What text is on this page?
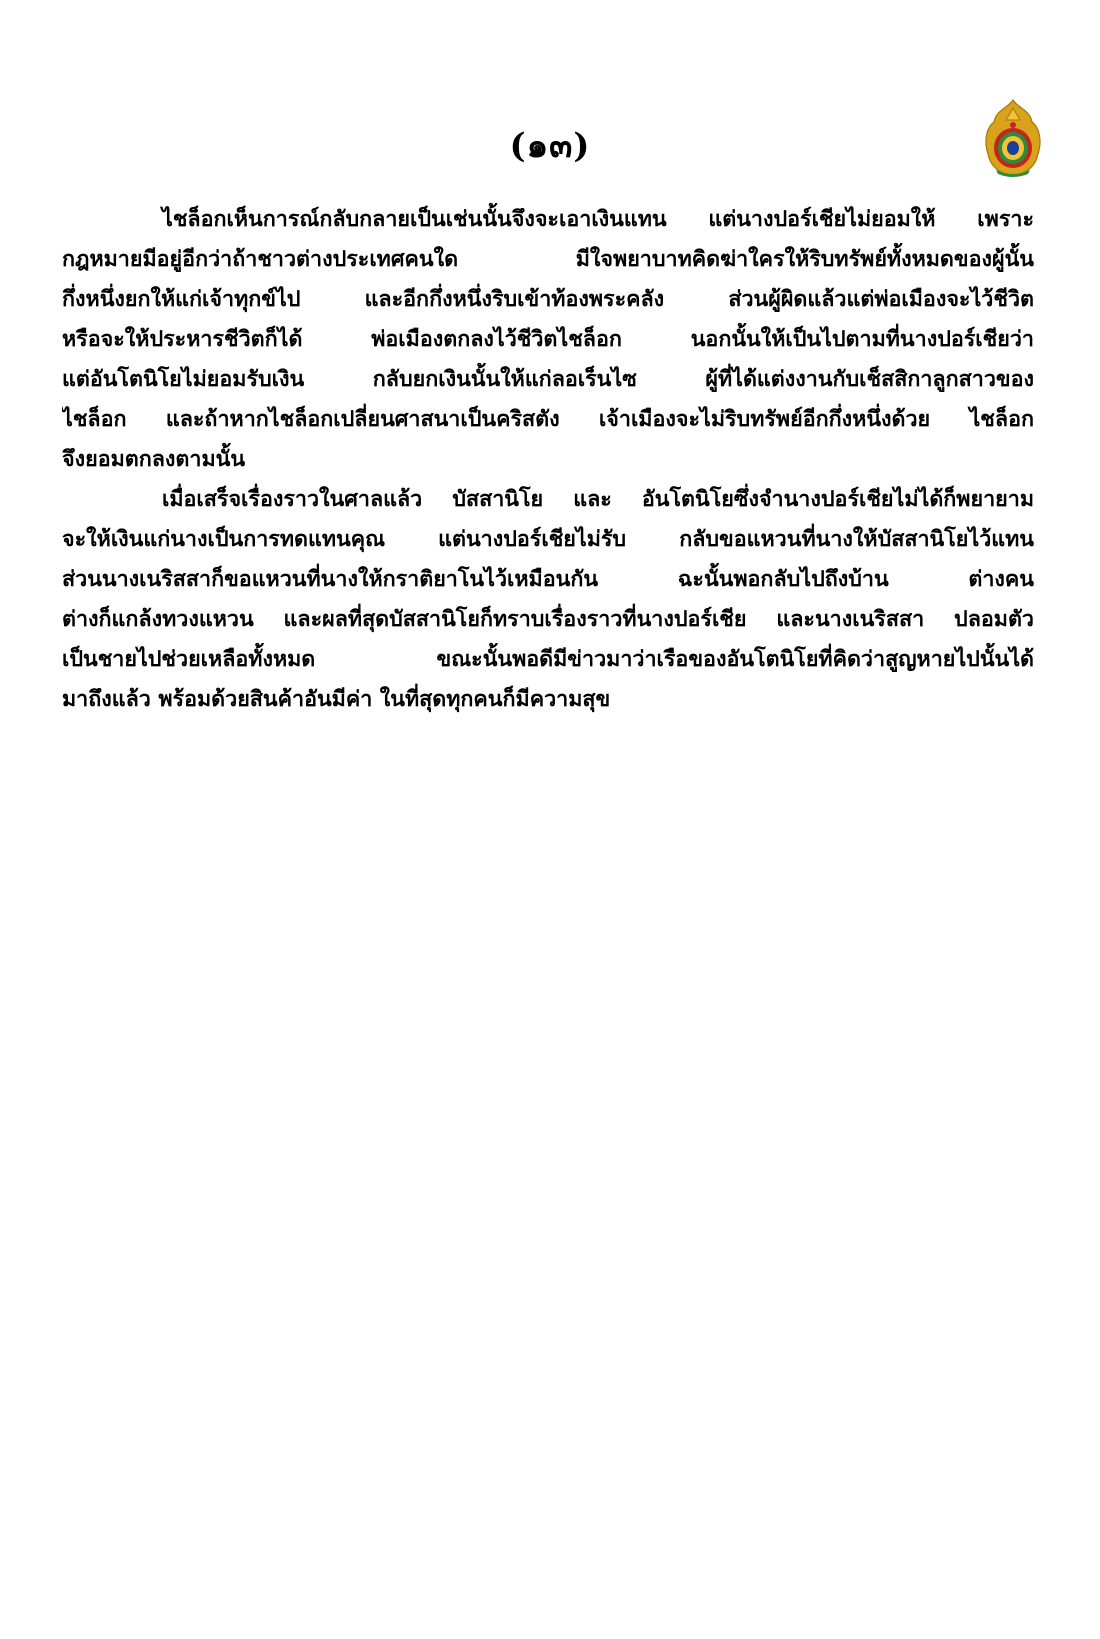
(๑๓)
ไชล็อกเห็นการณ์กลับกลายเป็นเช่นนั้นจึงจะเอาเงินแทน แต่นางปอร์เชียไม่ยอมให้ เพราะ
กฎหมายมีอยู่อีกว่าถ้าชาวต่างประเทศคนใด มีใจพยาบาทคิดฆ่าใครให้ริบทรัพย์ทั้งหมดของผู้นั้น
กึ่งหนึ่งยกให้แก่เจ้าทุกข์ไป และอีกกึ่งหนึ่งริบเข้าท้องพระคลัง ส่วนผู้ผิดแล้วแต่พ่อเมืองจะไว้ชีวิต
หรือจะให้ประหารชีวิตก็ได้ พ่อเมืองตกลงไว้ชีวิตไชล็อก นอกนั้นให้เป็นไปตามที่นางปอร์เชียว่า
แต่อันโตนิโยไม่ยอมรับเงิน กลับยกเงินนั้นให้แก่ลอเร็นไซ ผู้ที่ได้แต่งงานกับเช็สสิกาลูกสาวของ
ไชล็อก และถ้าหากไชล็อกเปลี่ยนศาสนาเป็นคริสตัง เจ้าเมืองจะไม่ริบทรัพย์อีกกึ่งหนึ่งด้วย ไชล็อก
จึงยอมตกลงตามนั้น
เมื่อเสร็จเรื่องราวในศาลแล้ว บัสสานิโย และ อันโตนิโยซึ่งจำนางปอร์เชียไม่ได้ก็พยายาม
จะให้เงินแก่นางเป็นการทดแทนคุณ แต่นางปอร์เชียไม่รับ กลับขอแหวนที่นางให้บัสสานิโยไว้แทน
ส่วนนางเนริสสาก็ขอแหวนที่นางให้กราติยาโนไว้เหมือนกัน ฉะนั้นพอกลับไปถึงบ้าน ต่างคน
ต่างก็แกล้งทวงแหวน และผลที่สุดบัสสานิโยก็ทราบเรื่องราวที่นางปอร์เชีย และนางเนริสสา ปลอมตัว
เป็นชายไปช่วยเหลือทั้งหมด ขณะนั้นพอดีมีข่าวมาว่าเรือของอันโตนิโยที่คิดว่าสูญหายไปนั้นได้
มาถึงแล้ว พร้อมด้วยสินค้าอันมีค่า ในที่สุดทุกคนก็มีความสุข
